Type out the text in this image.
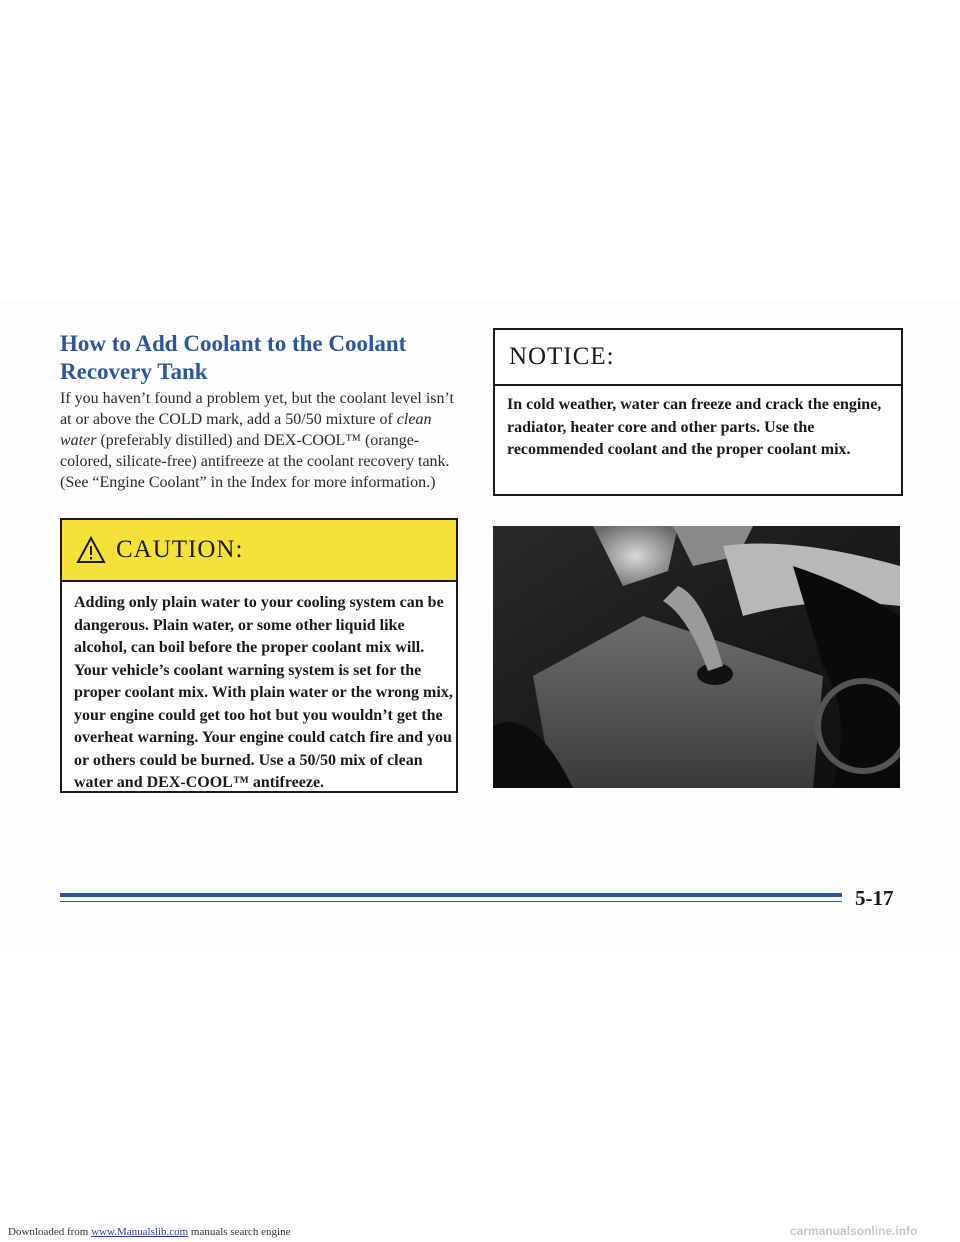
How to Add Coolant to the Coolant Recovery Tank

If you haven’t found a problem yet, but the coolant level isn’t at or above the COLD mark, add a 50/50 mixture of clean water (preferably distilled) and DEX-COOL™ (orange-colored, silicate-free) antifreeze at the coolant recovery tank. (See “Engine Coolant” in the Index for more information.)

CAUTION:

Adding only plain water to your cooling system can be dangerous. Plain water, or some other liquid like alcohol, can boil before the proper coolant mix will. Your vehicle’s coolant warning system is set for the proper coolant mix. With plain water or the wrong mix, your engine could get too hot but you wouldn’t get the overheat warning. Your engine could catch fire and you or others could be burned. Use a 50/50 mix of clean water and DEX-COOL™ antifreeze.

NOTICE:

In cold weather, water can freeze and crack the engine, radiator, heater core and other parts. Use the recommended coolant and the proper coolant mix.

5-17
Downloaded from www.Manualslib.com manuals search engine	carmanualsonline.info
